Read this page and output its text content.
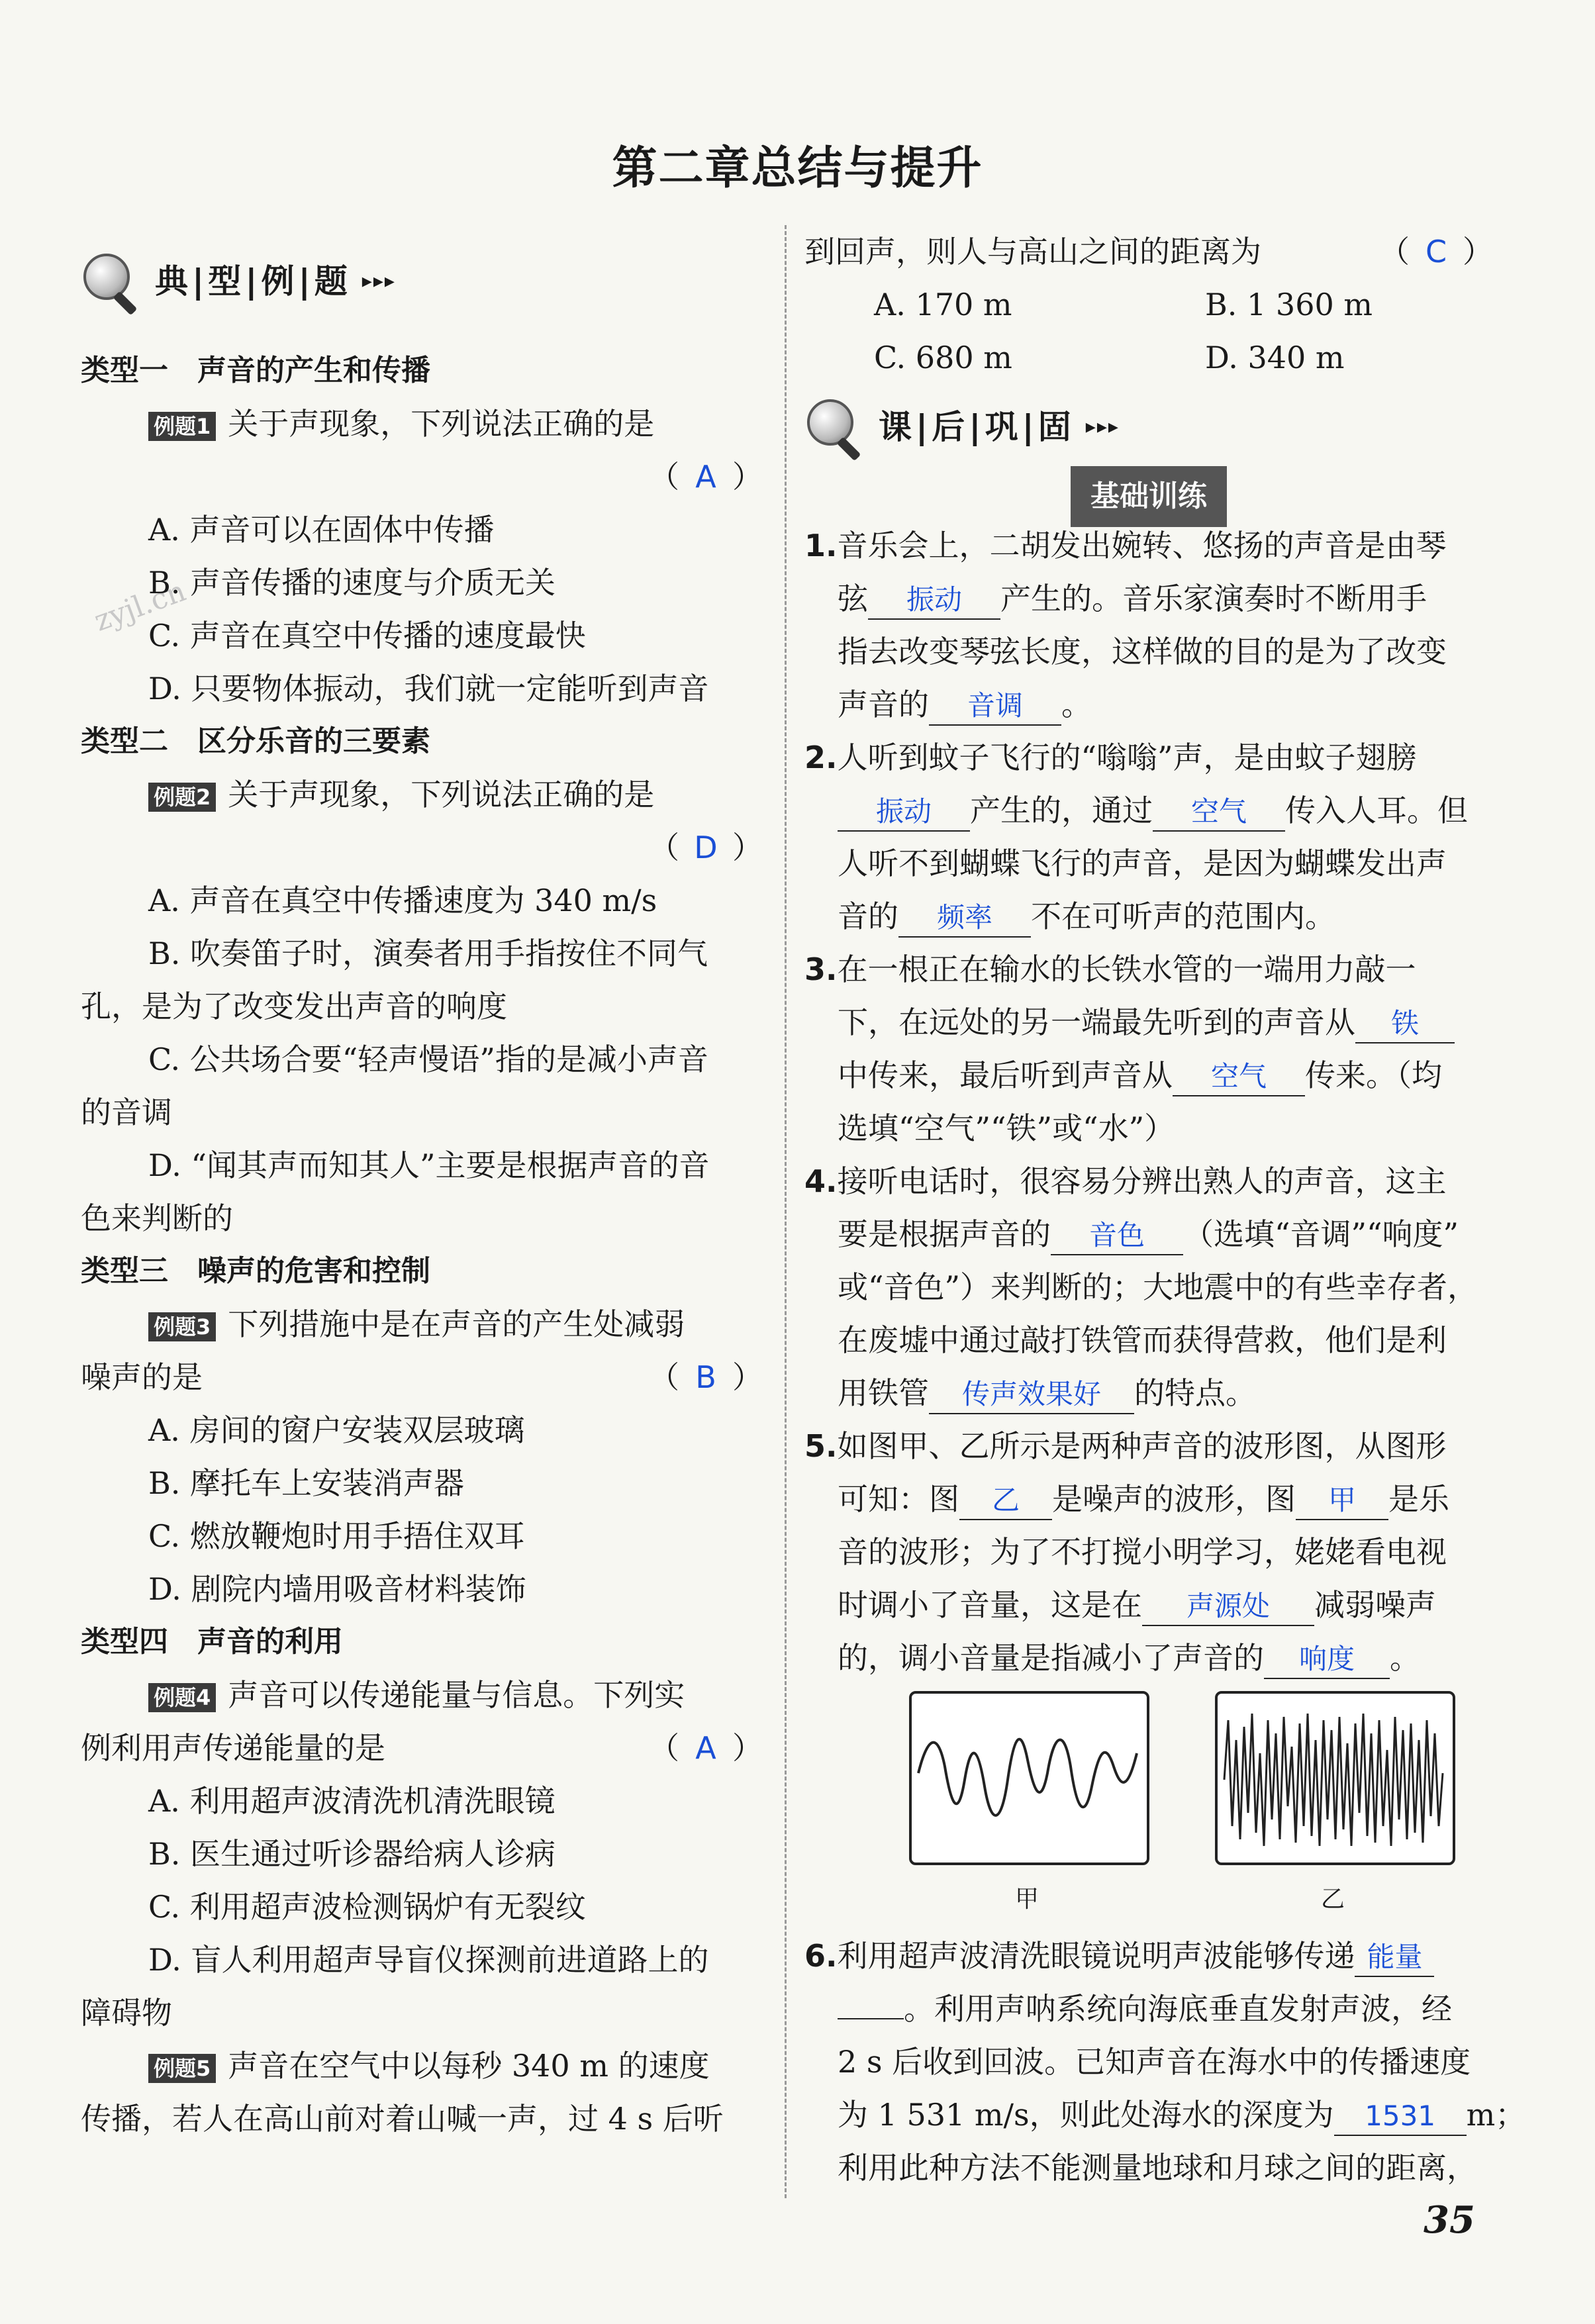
第二章总结与提升
zyjl.cn
典|型|例|题 ▸▸▸
类型一　声音的产生和传播
例题1 关于声现象，下列说法正确的是
（ A ）
A. 声音可以在固体中传播
B. 声音传播的速度与介质无关
C. 声音在真空中传播的速度最快
D. 只要物体振动，我们就一定能听到声音
类型二　区分乐音的三要素
例题2 关于声现象，下列说法正确的是
（ D ）
A. 声音在真空中传播速度为 340 m/s
B. 吹奏笛子时，演奏者用手指按住不同气
孔，是为了改变发出声音的响度
C. 公共场合要“轻声慢语”指的是减小声音
的音调
D. “闻其声而知其人”主要是根据声音的音
色来判断的
类型三　噪声的危害和控制
例题3 下列措施中是在声音的产生处减弱
噪声的是	（ B ）
A. 房间的窗户安装双层玻璃
B. 摩托车上安装消声器
C. 燃放鞭炮时用手捂住双耳
D. 剧院内墙用吸音材料装饰
类型四　声音的利用
例题4 声音可以传递能量与信息。下列实
例利用声传递能量的是	（ A ）
A. 利用超声波清洗机清洗眼镜
B. 医生通过听诊器给病人诊病
C. 利用超声波检测锅炉有无裂纹
D. 盲人利用超声导盲仪探测前进道路上的
障碍物
例题5 声音在空气中以每秒 340 m 的速度
传播，若人在高山前对着山喊一声，过 4 s 后听
到回声，则人与高山之间的距离为	（ C ）
A. 170 m	B. 1 360 m
C. 680 m	D. 340 m
课|后|巩|固 ▸▸▸
基础训练
1.音乐会上，二胡发出婉转、悠扬的声音是由琴
弦 振动 产生的。音乐家演奏时不断用手
指去改变琴弦长度，这样做的目的是为了改变
声音的 音调 。
2.人听到蚊子飞行的“嗡嗡”声，是由蚊子翅膀
振动 产生的，通过 空气 传入人耳。但
人听不到蝴蝶飞行的声音，是因为蝴蝶发出声
音的 频率 不在可听声的范围内。
3.在一根正在输水的长铁水管的一端用力敲一
下，在远处的另一端最先听到的声音从 铁
中传来，最后听到声音从 空气 传来。（均
选填“空气”“铁”或“水”）
4.接听电话时，很容易分辨出熟人的声音，这主
要是根据声音的 音色 （选填“音调”“响度”
或“音色”）来判断的；大地震中的有些幸存者，
在废墟中通过敲打铁管而获得营救，他们是利
用铁管 传声效果好 的特点。
5.如图甲、乙所示是两种声音的波形图，从图形
可知：图 乙 是噪声的波形，图 甲 是乐
音的波形；为了不打搅小明学习，姥姥看电视
时调小了音量，这是在 声源处 减弱噪声
的，调小音量是指减小了声音的 响度 。
甲	乙
6.利用超声波清洗眼镜说明声波能够传递 能量
。利用声呐系统向海底垂直发射声波，经
2 s 后收到回波。已知声音在海水中的传播速度
为 1 531 m/s，则此处海水的深度为 1531 m；
利用此种方法不能测量地球和月球之间的距离，
35
